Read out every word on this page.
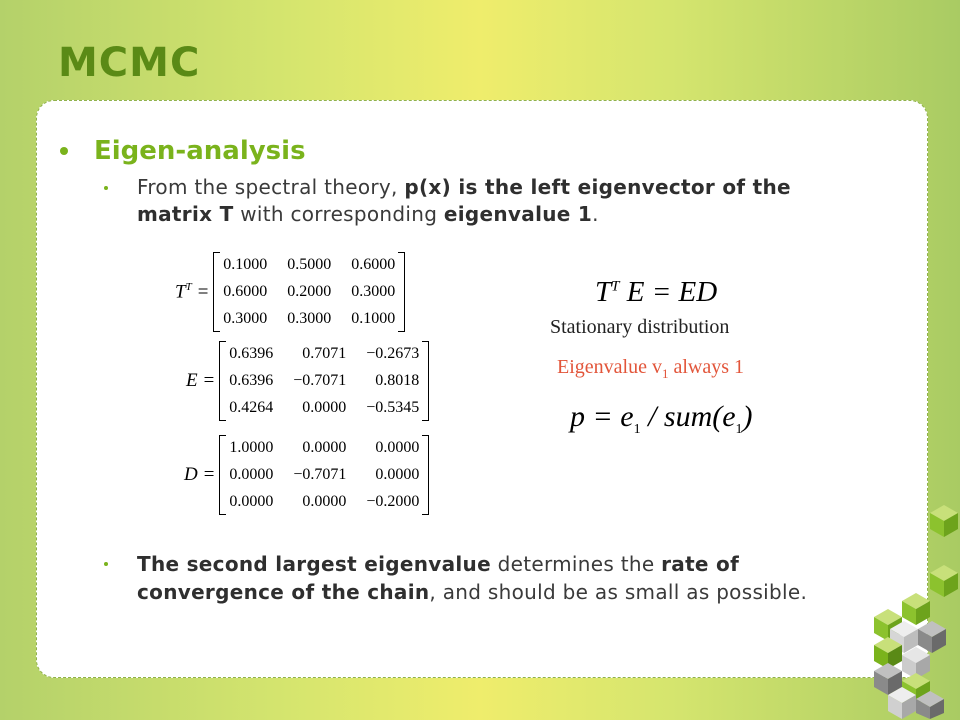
MCMC
Eigen-analysis
From the spectral theory, p(x) is the left eigenvector of the matrix T with corresponding eigenvalue 1.
$T^T$ =
0.1000 0.5000 0.6000
0.6000 0.2000 0.3000
0.3000 0.3000 0.1000
E =
0.6396	0.7071 −0.2673
0.6396 −0.7071	0.8018
0.4264	0.0000 −0.5345
D =
1.0000	0.0000	0.0000
0.0000 −0.7071	0.0000
0.0000	0.0000 −0.2000
$T^T$ E = ED
Stationary distribution
Eigenvalue $v_1$ always 1
$p = e_1 / sum(e_1)$
The second largest eigenvalue determines the rate of convergence of the chain, and should be as small as possible.
